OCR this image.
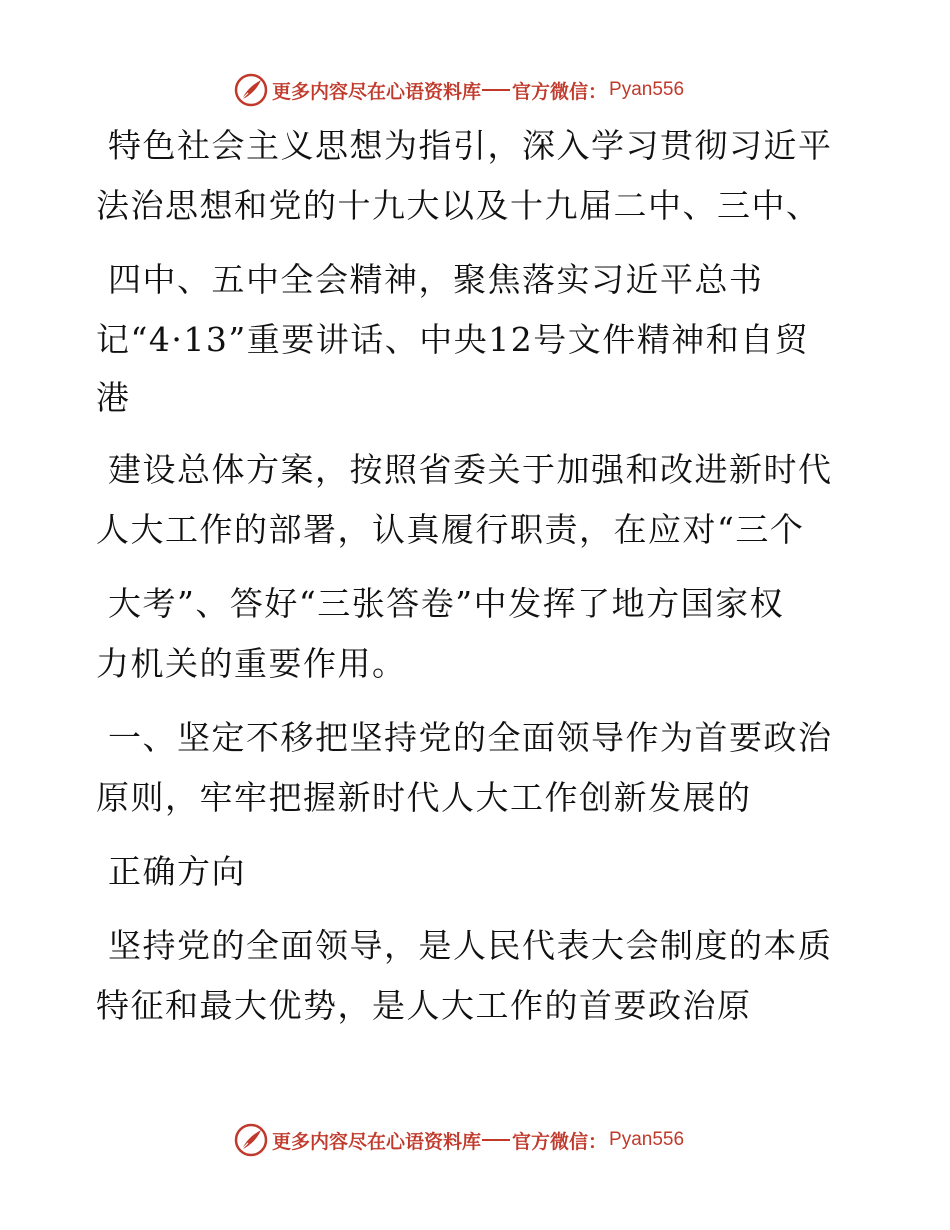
更多内容尽在心语资料库 官方微信： Pyan556
特色社会主义思想为指引，深入学习贯彻习近平
法治思想和党的十九大以及十九届二中、三中、
四中、五中全会精神，聚焦落实习近平总书
记“4·13”重要讲话、中央12号文件精神和自贸
港
建设总体方案，按照省委关于加强和改进新时代
人大工作的部署，认真履行职责，在应对“三个
大考”、答好“三张答卷”中发挥了地方国家权
力机关的重要作用。
一、坚定不移把坚持党的全面领导作为首要政治
原则，牢牢把握新时代人大工作创新发展的
正确方向
坚持党的全面领导，是人民代表大会制度的本质
特征和最大优势，是人大工作的首要政治原
更多内容尽在心语资料库 官方微信： Pyan556
